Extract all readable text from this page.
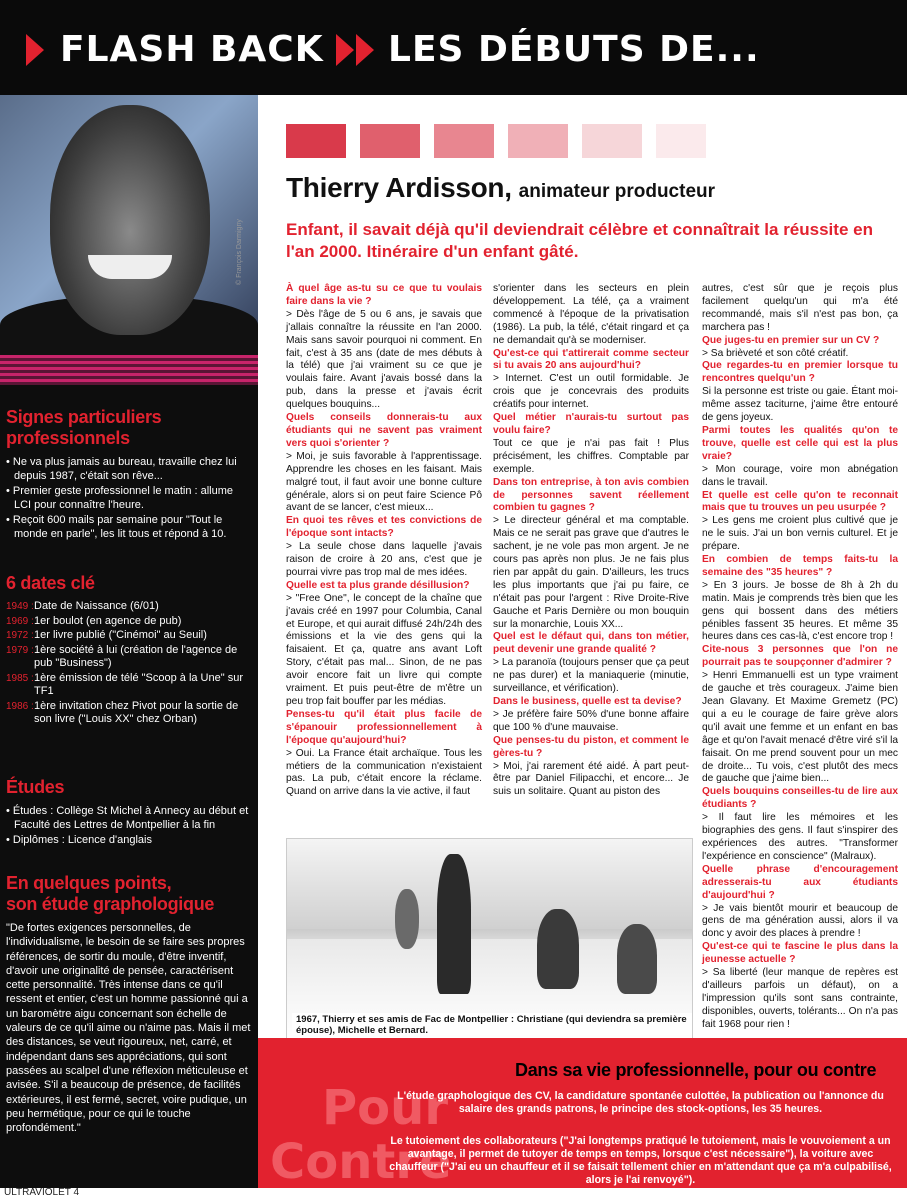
FLASH BACK LES DÉBUTS DE...
© François Darmigny
Signes particuliers
professionnels
• Ne va plus jamais au bureau, travaille chez lui depuis 1987, c'était son rêve...
• Premier geste professionnel le matin : allume LCI pour connaître l'heure.
• Reçoit 600 mails par semaine pour "Tout le monde en parle", les lit tous et répond à 10.
6 dates clé
1949 : Date de Naissance (6/01)
1969 : 1er boulot (en agence de pub)
1972 : 1er livre publié ("Cinémoi" au Seuil)
1979 : 1ère société à lui (création de l'agence de pub "Business")
1985 : 1ère émission de télé "Scoop à la Une" sur TF1
1986 : 1ère invitation chez Pivot pour la sortie de son livre ("Louis XX" chez Orban)
Études
• Études : Collège St Michel à Annecy au début et Faculté des Lettres de Montpellier à la fin
• Diplômes : Licence d'anglais
En quelques points,
son étude graphologique

"De fortes exigences personnelles, de l'individualisme, le besoin de se faire ses propres références, de sortir du moule, d'être inventif, d'avoir une originalité de pensée, caractérisent cette personnalité. Très intense dans ce qu'il ressent et entier, c'est un homme passionné qui a un baromètre aigu concernant son échelle de valeurs de ce qu'il aime ou n'aime pas. Mais il met des distances, se veut rigoureux, net, carré, et indépendant dans ses appréciations, qui sont passées au scalpel d'une réflexion méticuleuse et avisée. S'il a beaucoup de présence, de facilités extérieures, il est fermé, secret, voire pudique, un peu hermétique, pour ce qui le touche profondément."

ULTRAVIOLET 4
Thierry Ardisson, animateur producteur
Enfant, il savait déjà qu'il deviendrait célèbre et connaîtrait la réussite en l'an 2000. Itinéraire d'un enfant gâté.

À quel âge as-tu su ce que tu voulais faire dans la vie ?

> Dès l'âge de 5 ou 6 ans, je savais que j'allais connaître la réussite en l'an 2000. Mais sans savoir pourquoi ni comment. En fait, c'est à 35 ans (date de mes débuts à la télé) que j'ai vraiment su ce que je voulais faire. Avant j'avais bossé dans la pub, dans la presse et j'avais écrit quelques bouquins...

Quels conseils donnerais-tu aux étudiants qui ne savent pas vraiment vers quoi s'orienter ?

> Moi, je suis favorable à l'apprentissage. Apprendre les choses en les faisant. Mais malgré tout, il faut avoir une bonne culture générale, alors si on peut faire Science Pô avant de se lancer, c'est mieux...

En quoi tes rêves et tes convictions de l'époque sont intacts?

> La seule chose dans laquelle j'avais raison de croire à 20 ans, c'est que je pourrai vivre pas trop mal de mes idées.

Quelle est ta plus grande désillusion?

> "Free One", le concept de la chaîne que j'avais créé en 1997 pour Columbia, Canal et Europe, et qui aurait diffusé 24h/24h des émissions et la vie des gens qui la faisaient. Et ça, quatre ans avant Loft Story, c'était pas mal... Sinon, de ne pas avoir encore fait un livre qui compte vraiment. Et puis peut-être de m'être un peu trop fait bouffer par les médias.

Penses-tu qu'il était plus facile de s'épanouir professionnellement à l'époque qu'aujourd'hui?

> Oui. La France était archaïque. Tous les métiers de la communication n'existaient pas. La pub, c'était encore la réclame. Quand on arrive dans la vie active, il faut

s'orienter dans les secteurs en plein développement. La télé, ça a vraiment commencé à l'époque de la privatisation (1986). La pub, la télé, c'était ringard et ça ne demandait qu'à se moderniser.

Qu'est-ce qui t'attirerait comme secteur si tu avais 20 ans aujourd'hui?

> Internet. C'est un outil formidable. Je crois que je concevrais des produits créatifs pour internet.

Quel métier n'aurais-tu surtout pas voulu faire?

Tout ce que je n'ai pas fait ! Plus précisément, les chiffres. Comptable par exemple.

Dans ton entreprise, à ton avis combien de personnes savent réellement combien tu gagnes ?

> Le directeur général et ma comptable. Mais ce ne serait pas grave que d'autres le sachent, je ne vole pas mon argent. Je ne cours pas après non plus. Je ne fais plus rien par appât du gain. D'ailleurs, les trucs les plus importants que j'ai pu faire, ce n'était pas pour l'argent : Rive Droite-Rive Gauche et Paris Dernière ou mon bouquin sur la monarchie, Louis XX...

Quel est le défaut qui, dans ton métier, peut devenir une grande qualité ?

> La paranoïa (toujours penser que ça peut ne pas durer) et la maniaquerie (minutie, surveillance, et vérification).

Dans le business, quelle est ta devise?

> Je préfère faire 50% d'une bonne affaire que 100 % d'une mauvaise.

Que penses-tu du piston, et comment le gères-tu ?

> Moi, j'ai rarement été aidé. À part peut-être par Daniel Filipacchi, et encore... Je suis un solitaire. Quant au piston des

autres, c'est sûr que je reçois plus facilement quelqu'un qui m'a été recommandé, mais s'il n'est pas bon, ça marchera pas !

Que juges-tu en premier sur un CV ?

> Sa brièveté et son côté créatif.

Que regardes-tu en premier lorsque tu rencontres quelqu'un ?

Si la personne est triste ou gaie. Étant moi-même assez taciturne, j'aime être entouré de gens joyeux.

Parmi toutes les qualités qu'on te trouve, quelle est celle qui est la plus vraie?

> Mon courage, voire mon abnégation dans le travail.

Et quelle est celle qu'on te reconnait mais que tu trouves un peu usurpée ?

> Les gens me croient plus cultivé que je ne le suis. J'ai un bon vernis culturel. Et je prépare.

En combien de temps faits-tu la semaine des "35 heures" ?

> En 3 jours. Je bosse de 8h à 2h du matin. Mais je comprends très bien que les gens qui bossent dans des métiers pénibles fassent 35 heures. Et même 35 heures dans ces cas-là, c'est encore trop !

Cite-nous 3 personnes que l'on ne pourrait pas te soupçonner d'admirer ?

> Henri Emmanuelli est un type vraiment de gauche et très courageux. J'aime bien Jean Glavany. Et Maxime Gremetz (PC) qui a eu le courage de faire grève alors qu'il avait une femme et un enfant en bas âge et qu'on l'avait menacé d'être viré s'il la faisait. On me prend souvent pour un mec de droite... Tu vois, c'est plutôt des mecs de gauche que j'aime bien...

Quels bouquins conseilles-tu de lire aux étudiants ?

> Il faut lire les mémoires et les biographies des gens. Il faut s'inspirer des expériences des autres. "Transformer l'expérience en conscience" (Malraux).

Quelle phrase d'encouragement adresserais-tu aux étudiants d'aujourd'hui ?

> Je vais bientôt mourir et beaucoup de gens de ma génération aussi, alors il va donc y avoir des places à prendre !

Qu'est-ce qui te fascine le plus dans la jeunesse actuelle ?

> Sa liberté (leur manque de repères est d'ailleurs parfois un défaut), on a l'impression qu'ils sont sans contrainte, disponibles, ouverts, tolérants... On n'a pas fait 1968 pour rien !

1967, Thierry et ses amis de Fac de Montpellier : Christiane (qui deviendra sa première épouse), Michelle et Bernard.
Pour
Contre
Dans sa vie professionnelle, pour ou contre
L'étude graphologique des CV, la candidature spontanée culottée, la publication ou l'annonce du salaire des grands patrons, le principe des stock-options, les 35 heures.
Le tutoiement des collaborateurs ("J'ai longtemps pratiqué le tutoiement, mais le vouvoiement a un avantage, il permet de tutoyer de temps en temps, lorsque c'est nécessaire"), la voiture avec chauffeur ("J'ai eu un chauffeur et il se faisait tellement chier en m'attendant que ça m'a culpabilisé, alors je l'ai renvoyé").
